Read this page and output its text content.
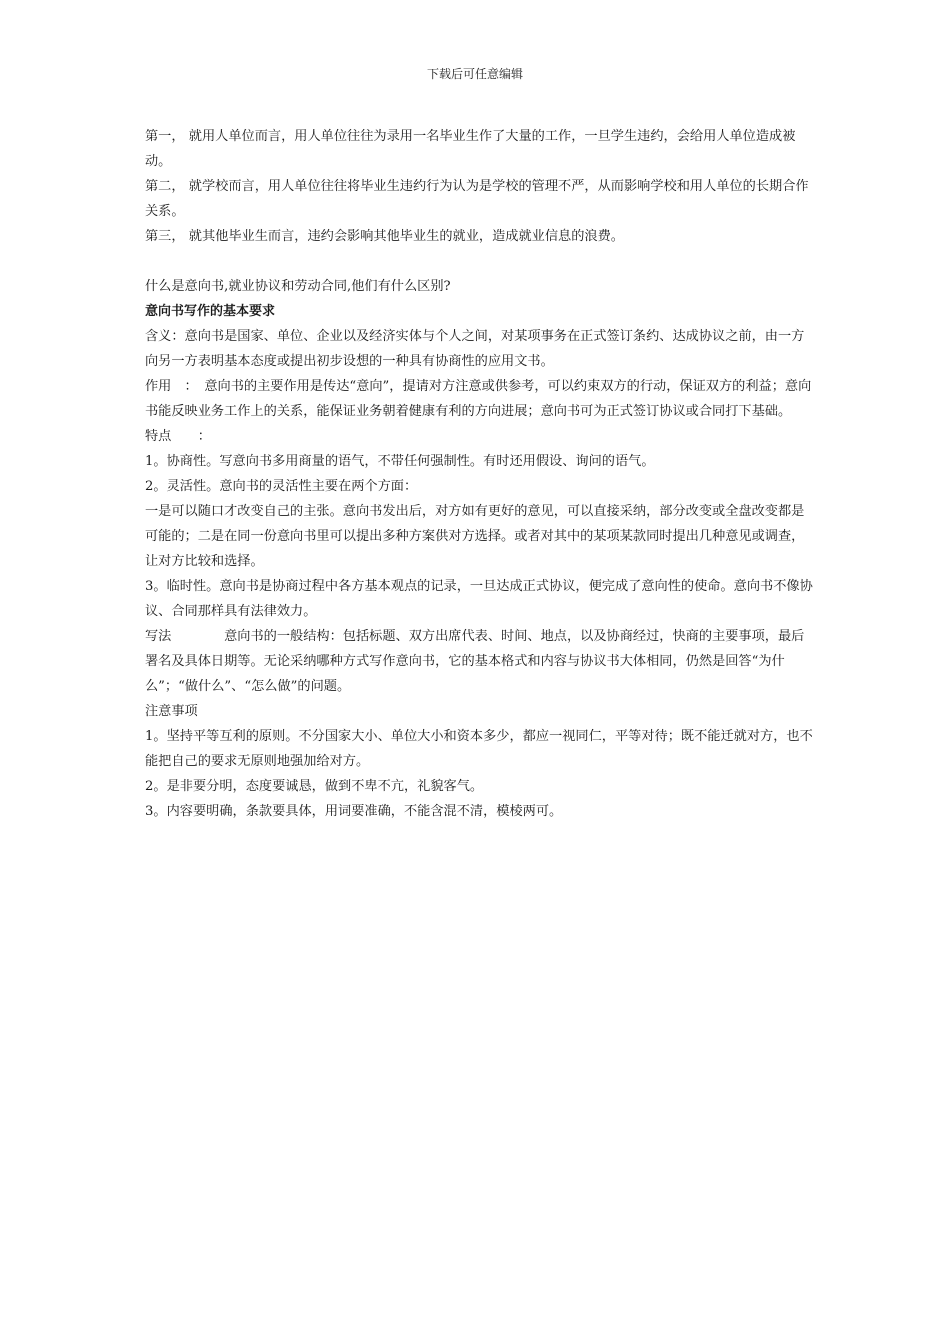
下载后可任意编辑

第一， 就用人单位而言，用人单位往往为录用一名毕业生作了大量的工作，一旦学生违约，会给用人单位造成被动。

第二， 就学校而言，用人单位往往将毕业生违约行为认为是学校的管理不严，从而影响学校和用人单位的长期合作关系。

第三， 就其他毕业生而言，违约会影响其他毕业生的就业，造成就业信息的浪费。

什么是意向书,就业协议和劳动合同,他们有什么区别?

意向书写作的基本要求

含义：意向书是国家、单位、企业以及经济实体与个人之间，对某项事务在正式签订条约、达成协议之前，由一方向另一方表明基本态度或提出初步设想的一种具有协商性的应用文书。

作用　：　意向书的主要作用是传达“意向”，提请对方注意或供参考，可以约束双方的行动，保证双方的利益；意向书能反映业务工作上的关系，能保证业务朝着健康有利的方向进展；意向书可为正式签订协议或合同打下基础。

特点　　：

1。协商性。写意向书多用商量的语气，不带任何强制性。有时还用假设、询问的语气。

2。灵活性。意向书的灵活性主要在两个方面：

一是可以随口才改变自己的主张。意向书发出后，对方如有更好的意见，可以直接采纳，部分改变或全盘改变都是可能的；二是在同一份意向书里可以提出多种方案供对方选择。或者对其中的某项某款同时提出几种意见或调查，让对方比较和选择。

3。临时性。意向书是协商过程中各方基本观点的记录，一旦达成正式协议，便完成了意向性的使命。意向书不像协议、合同那样具有法律效力。

写法　　　　意向书的一般结构：包括标题、双方出席代表、时间、地点，以及协商经过，快商的主要事项，最后署名及具体日期等。无论采纳哪种方式写作意向书，它的基本格式和内容与协议书大体相同，仍然是回答“为什么”；“做什么”、“怎么做”的问题。

注意事项

1。坚持平等互利的原则。不分国家大小、单位大小和资本多少，都应一视同仁，平等对待；既不能迁就对方，也不能把自己的要求无原则地强加给对方。

2。是非要分明，态度要诚恳，做到不卑不亢，礼貌客气。

3。内容要明确，条款要具体，用词要准确，不能含混不清，模棱两可。
